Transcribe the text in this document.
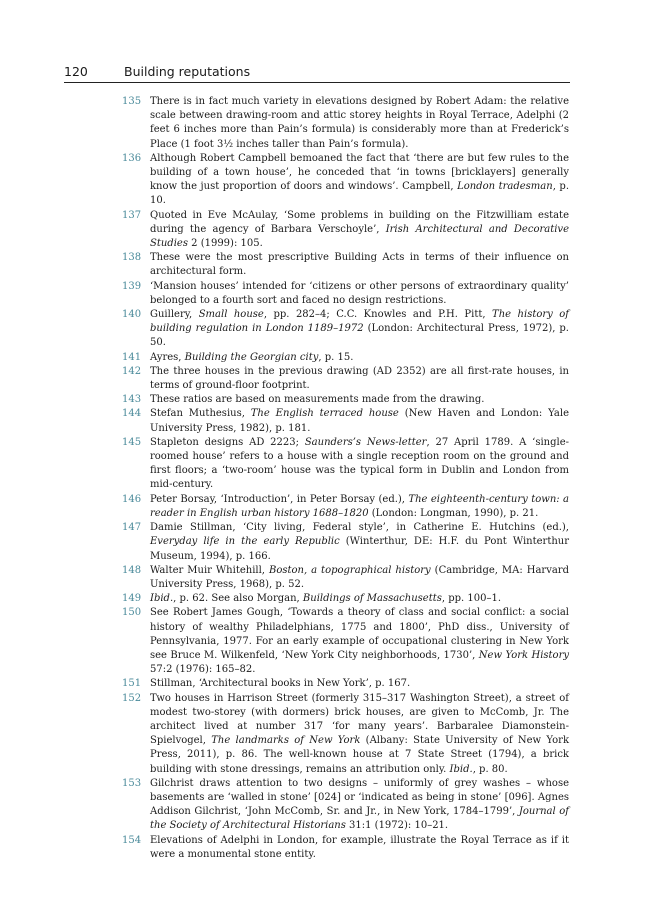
120	Building reputations
135 There is in fact much variety in elevations designed by Robert Adam: the relative scale between drawing-room and attic storey heights in Royal Terrace, Adelphi (2 feet 6 inches more than Pain’s formula) is considerably more than at Frederick’s Place (1 foot 3½ inches taller than Pain’s formula).
136 Although Robert Campbell bemoaned the fact that ‘there are but few rules to the building of a town house’, he conceded that ‘in towns [bricklayers] generally know the just proportion of doors and windows’. Campbell, London tradesman, p. 10.
137 Quoted in Eve McAulay, ‘Some problems in building on the Fitzwilliam estate during the agency of Barbara Verschoyle’, Irish Architectural and Decorative Studies 2 (1999): 105.
138 These were the most prescriptive Building Acts in terms of their influence on architectural form.
139 ‘Mansion houses’ intended for ‘citizens or other persons of extraordinary quality’ belonged to a fourth sort and faced no design restrictions.
140 Guillery, Small house, pp. 282–4; C.C. Knowles and P.H. Pitt, The history of building regulation in London 1189–1972 (London: Architectural Press, 1972), p. 50.
141 Ayres, Building the Georgian city, p. 15.
142 The three houses in the previous drawing (AD 2352) are all first-rate houses, in terms of ground-floor footprint.
143 These ratios are based on measurements made from the drawing.
144 Stefan Muthesius, The English terraced house (New Haven and London: Yale University Press, 1982), p. 181.
145 Stapleton designs AD 2223; Saunders’s News-letter, 27 April 1789. A ‘single-roomed house’ refers to a house with a single reception room on the ground and first floors; a ‘two-room’ house was the typical form in Dublin and London from mid-century.
146 Peter Borsay, ‘Introduction’, in Peter Borsay (ed.), The eighteenth-century town: a reader in English urban history 1688–1820 (London: Longman, 1990), p. 21.
147 Damie Stillman, ‘City living, Federal style’, in Catherine E. Hutchins (ed.), Everyday life in the early Republic (Winterthur, DE: H.F. du Pont Winterthur Museum, 1994), p. 166.
148 Walter Muir Whitehill, Boston, a topographical history (Cambridge, MA: Harvard University Press, 1968), p. 52.
149 Ibid., p. 62. See also Morgan, Buildings of Massachusetts, pp. 100–1.
150 See Robert James Gough, ‘Towards a theory of class and social conflict: a social history of wealthy Philadelphians, 1775 and 1800’, PhD diss., University of Pennsylvania, 1977. For an early example of occupational clustering in New York see Bruce M. Wilkenfeld, ‘New York City neighborhoods, 1730’, New York History 57:2 (1976): 165–82.
151 Stillman, ‘Architectural books in New York’, p. 167.
152 Two houses in Harrison Street (formerly 315–317 Washington Street), a street of modest two-storey (with dormers) brick houses, are given to McComb, Jr. The architect lived at number 317 ‘for many years’. Barbaralee Diamonstein-Spielvogel, The landmarks of New York (Albany: State University of New York Press, 2011), p. 86. The well-known house at 7 State Street (1794), a brick building with stone dressings, remains an attribution only. Ibid., p. 80.
153 Gilchrist draws attention to two designs – uniformly of grey washes – whose basements are ‘walled in stone’ [024] or ‘indicated as being in stone’ [096]. Agnes Addison Gilchrist, ‘John McComb, Sr. and Jr., in New York, 1784–1799’, Journal of the Society of Architectural Historians 31:1 (1972): 10–21.
154 Elevations of Adelphi in London, for example, illustrate the Royal Terrace as if it were a monumental stone entity.
